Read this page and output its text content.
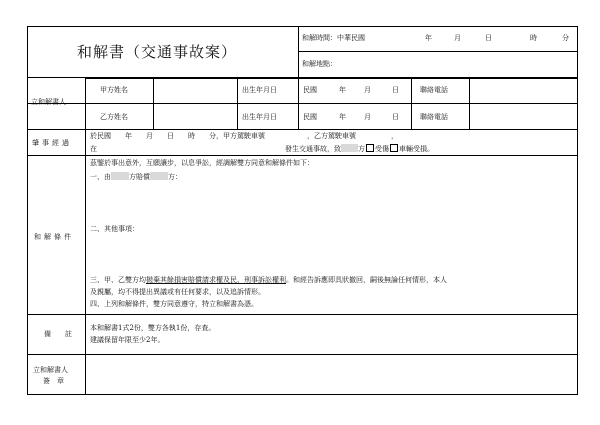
和解書（交通事故案）
和解時間：中華民國	年	月	日	時	分
和解地點：
立和解書人
甲方姓名	出生年月日	民國	年	月	日	聯絡電話
乙方姓名	出生年月日	民國	年	月	日	聯絡電話
肇事經過
於民國　　年　　月　　日　　時　　分，甲方駕駛車號　　　　　　，乙方駕駛車號　　　　　，
在	發生交通事故，致 方 受傷 車輛受損。
和解條件
茲鑒於事出意外，互願讓步，以息爭訟，經調解雙方同意和解條件如下：
一、由	方賠償	方：
二、其他事項：
三、甲、乙雙方均拋棄其餘損害賠償請求權及民、刑事訴訟權利。和經告訴應即具狀撤回，嗣後無論任何情形，本人
及親屬，均不得提出異議或有任何要求，以及追訴情形。
四、上列和解條件，雙方同意遵守，特立和解書為憑。
備　　註
本和解書1式2份，雙方各執1份，存查。
建議保留年限至少2年。
立和解書人
簽　章
